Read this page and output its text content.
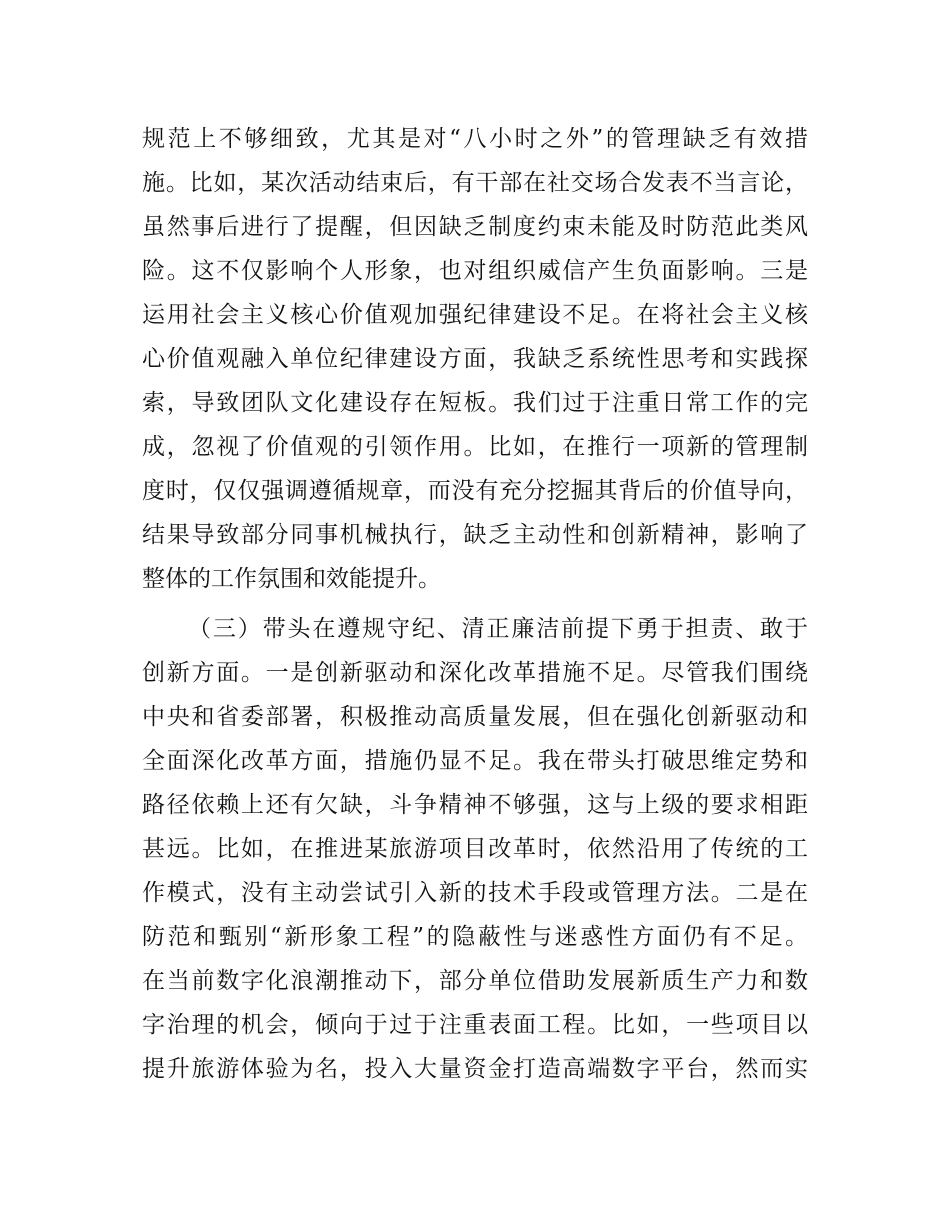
规范上不够细致，尤其是对“八小时之外”的管理缺乏有效措
施。比如，某次活动结束后，有干部在社交场合发表不当言论，
虽然事后进行了提醒，但因缺乏制度约束未能及时防范此类风
险。这不仅影响个人形象，也对组织威信产生负面影响。三是
运用社会主义核心价值观加强纪律建设不足。在将社会主义核
心价值观融入单位纪律建设方面，我缺乏系统性思考和实践探
索，导致团队文化建设存在短板。我们过于注重日常工作的完
成，忽视了价值观的引领作用。比如，在推行一项新的管理制
度时，仅仅强调遵循规章，而没有充分挖掘其背后的价值导向，
结果导致部分同事机械执行，缺乏主动性和创新精神，影响了
整体的工作氛围和效能提升。
（三）带头在遵规守纪、清正廉洁前提下勇于担责、敢于
创新方面。一是创新驱动和深化改革措施不足。尽管我们围绕
中央和省委部署，积极推动高质量发展，但在强化创新驱动和
全面深化改革方面，措施仍显不足。我在带头打破思维定势和
路径依赖上还有欠缺，斗争精神不够强，这与上级的要求相距
甚远。比如，在推进某旅游项目改革时，依然沿用了传统的工
作模式，没有主动尝试引入新的技术手段或管理方法。二是在
防范和甄别“新形象工程”的隐蔽性与迷惑性方面仍有不足。
在当前数字化浪潮推动下，部分单位借助发展新质生产力和数
字治理的机会，倾向于过于注重表面工程。比如，一些项目以
提升旅游体验为名，投入大量资金打造高端数字平台，然而实
